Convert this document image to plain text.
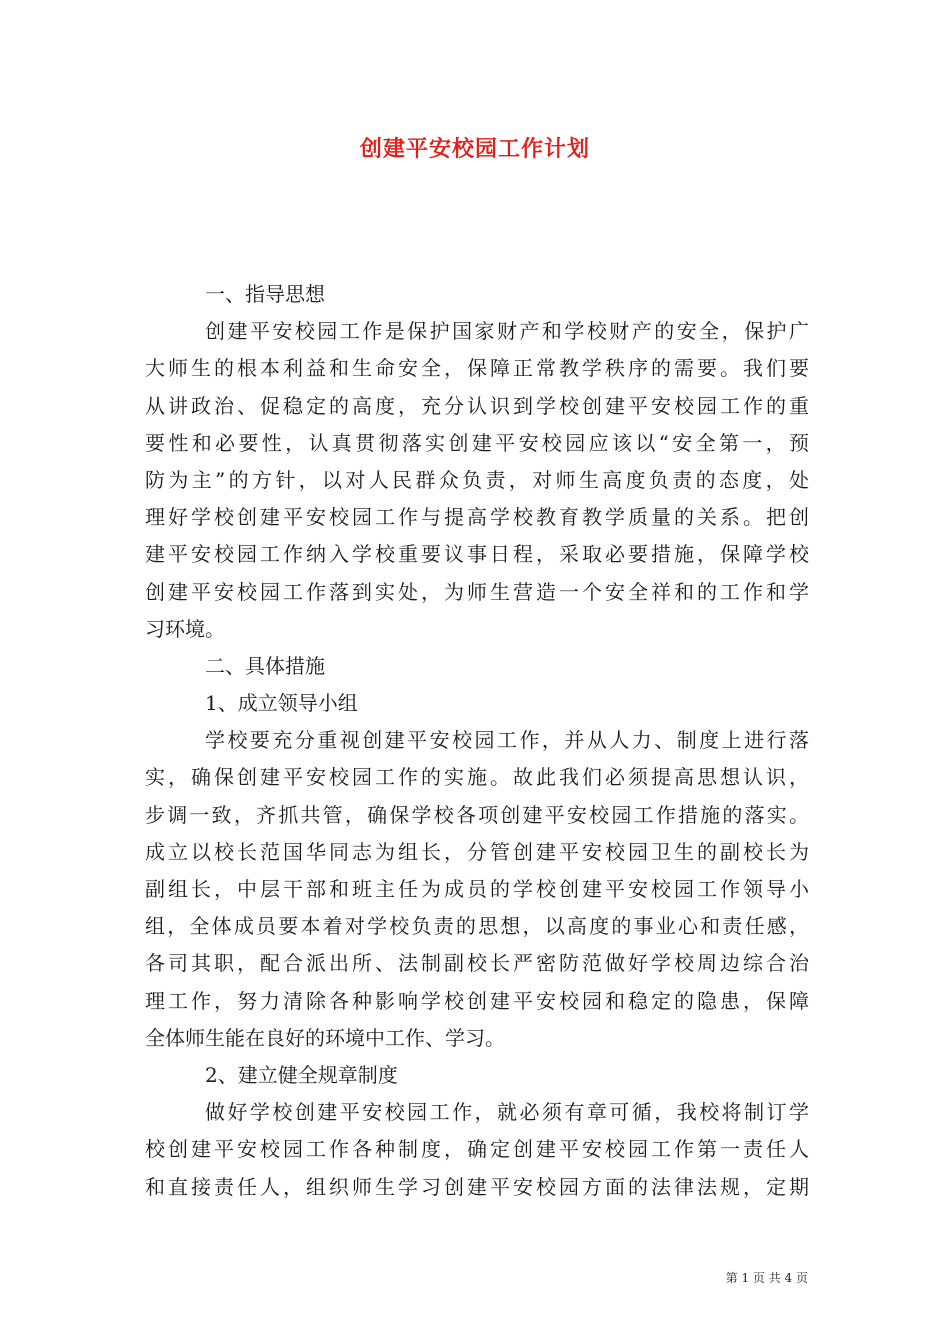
创建平安校园工作计划
一、指导思想
创建平安校园工作是保护国家财产和学校财产的安全，保护广
大师生的根本利益和生命安全，保障正常教学秩序的需要。我们要
从讲政治、促稳定的高度，充分认识到学校创建平安校园工作的重
要性和必要性，认真贯彻落实创建平安校园应该以“安全第一，预
防为主”的方针，以对人民群众负责，对师生高度负责的态度，处
理好学校创建平安校园工作与提高学校教育教学质量的关系。把创
建平安校园工作纳入学校重要议事日程，采取必要措施，保障学校
创建平安校园工作落到实处，为师生营造一个安全祥和的工作和学
习环境。
二、具体措施
1、成立领导小组
学校要充分重视创建平安校园工作，并从人力、制度上进行落
实，确保创建平安校园工作的实施。故此我们必须提高思想认识，
步调一致，齐抓共管，确保学校各项创建平安校园工作措施的落实。
成立以校长范国华同志为组长，分管创建平安校园卫生的副校长为
副组长，中层干部和班主任为成员的学校创建平安校园工作领导小
组，全体成员要本着对学校负责的思想，以高度的事业心和责任感，
各司其职，配合派出所、法制副校长严密防范做好学校周边综合治
理工作，努力清除各种影响学校创建平安校园和稳定的隐患，保障
全体师生能在良好的环境中工作、学习。
2、建立健全规章制度
做好学校创建平安校园工作，就必须有章可循，我校将制订学
校创建平安校园工作各种制度，确定创建平安校园工作第一责任人
和直接责任人，组织师生学习创建平安校园方面的法律法规，定期
第 1 页 共 4 页
